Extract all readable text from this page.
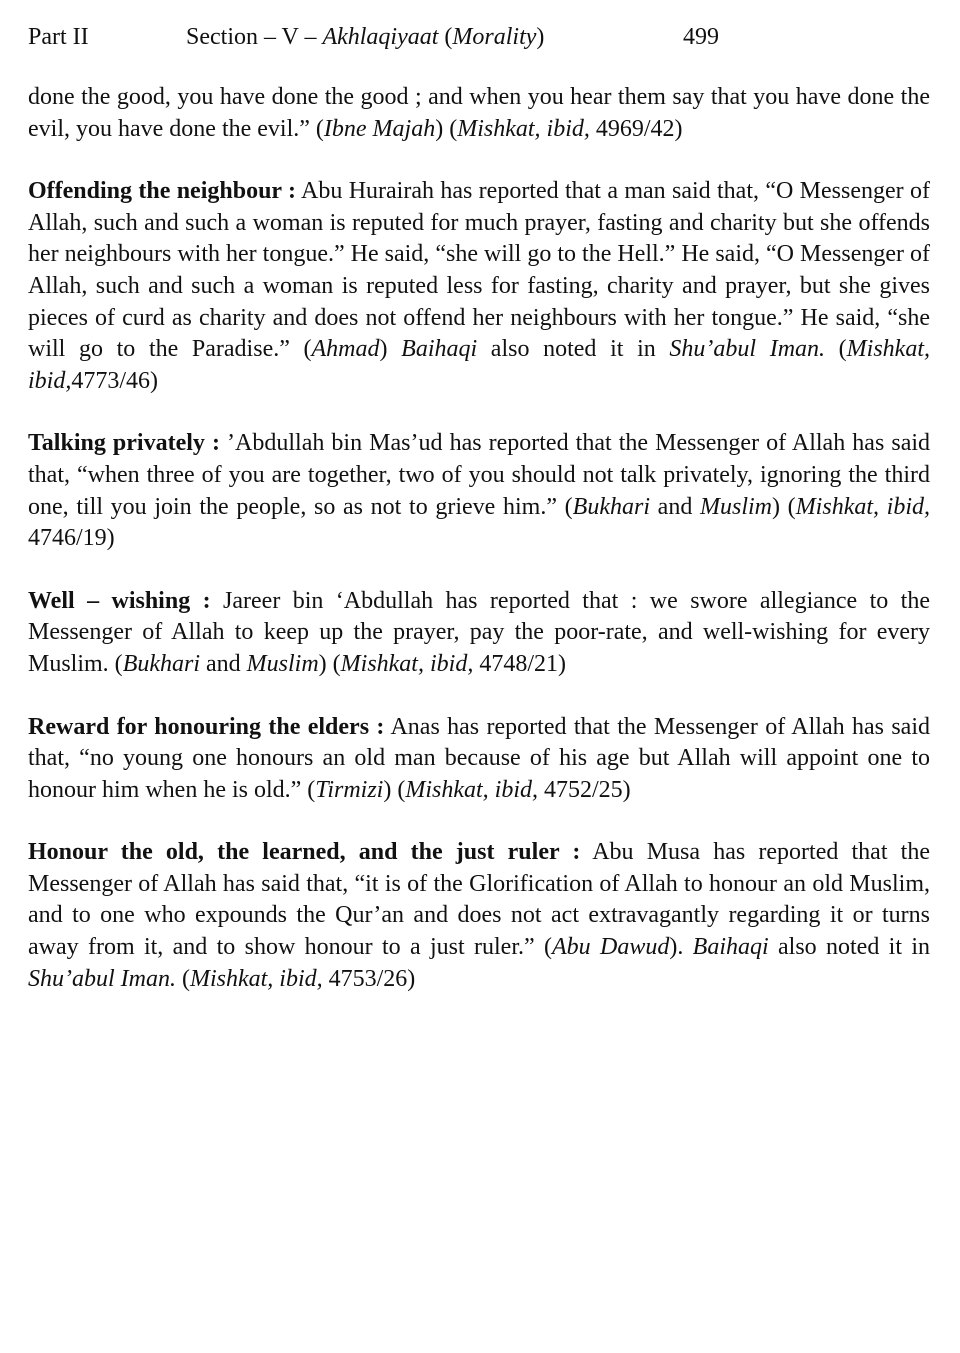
Part II	Section – V – Akhlaqiyaat (Morality)	499

done the good, you have done the good ; and when you hear them say that you have done the evil, you have done the evil.” (Ibne Majah) (Mishkat, ibid, 4969/42)

Offending the neighbour : Abu Hurairah has reported that a man said that, “O Messenger of Allah, such and such a woman is reputed for much prayer, fasting and charity but she offends her neighbours with her tongue.” He said, “she will go to the Hell.” He said, “O Messenger of Allah, such and such a woman is reputed less for fasting, charity and prayer, but she gives pieces of curd as charity and does not offend her neighbours with her tongue.” He said, “she will go to the Paradise.” (Ahmad) Baihaqi also noted it in Shu’abul Iman. (Mishkat, ibid,4773/46)

Talking privately : ’Abdullah bin Mas’ud has reported that the Messenger of Allah has said that, “when three of you are together, two of you should not talk privately, ignoring the third one, till you join the people, so as not to grieve him.” (Bukhari and Muslim) (Mishkat, ibid, 4746/19)

Well – wishing : Jareer bin ‘Abdullah has reported that : we swore allegiance to the Messenger of Allah to keep up the prayer, pay the poor-rate, and well-wishing for every Muslim. (Bukhari and Muslim) (Mishkat, ibid, 4748/21)

Reward for honouring the elders : Anas has reported that the Messenger of Allah has said that, “no young one honours an old man because of his age but Allah will appoint one to honour him when he is old.” (Tirmizi) (Mishkat, ibid, 4752/25)

Honour the old, the learned, and the just ruler : Abu Musa has reported that the Messenger of Allah has said that, “it is of the Glorification of Allah to honour an old Muslim, and to one who expounds the Qur’an and does not act extravagantly regarding it or turns away from it, and to show honour to a just ruler.” (Abu Dawud). Baihaqi also noted it in Shu’abul Iman. (Mishkat, ibid, 4753/26)
